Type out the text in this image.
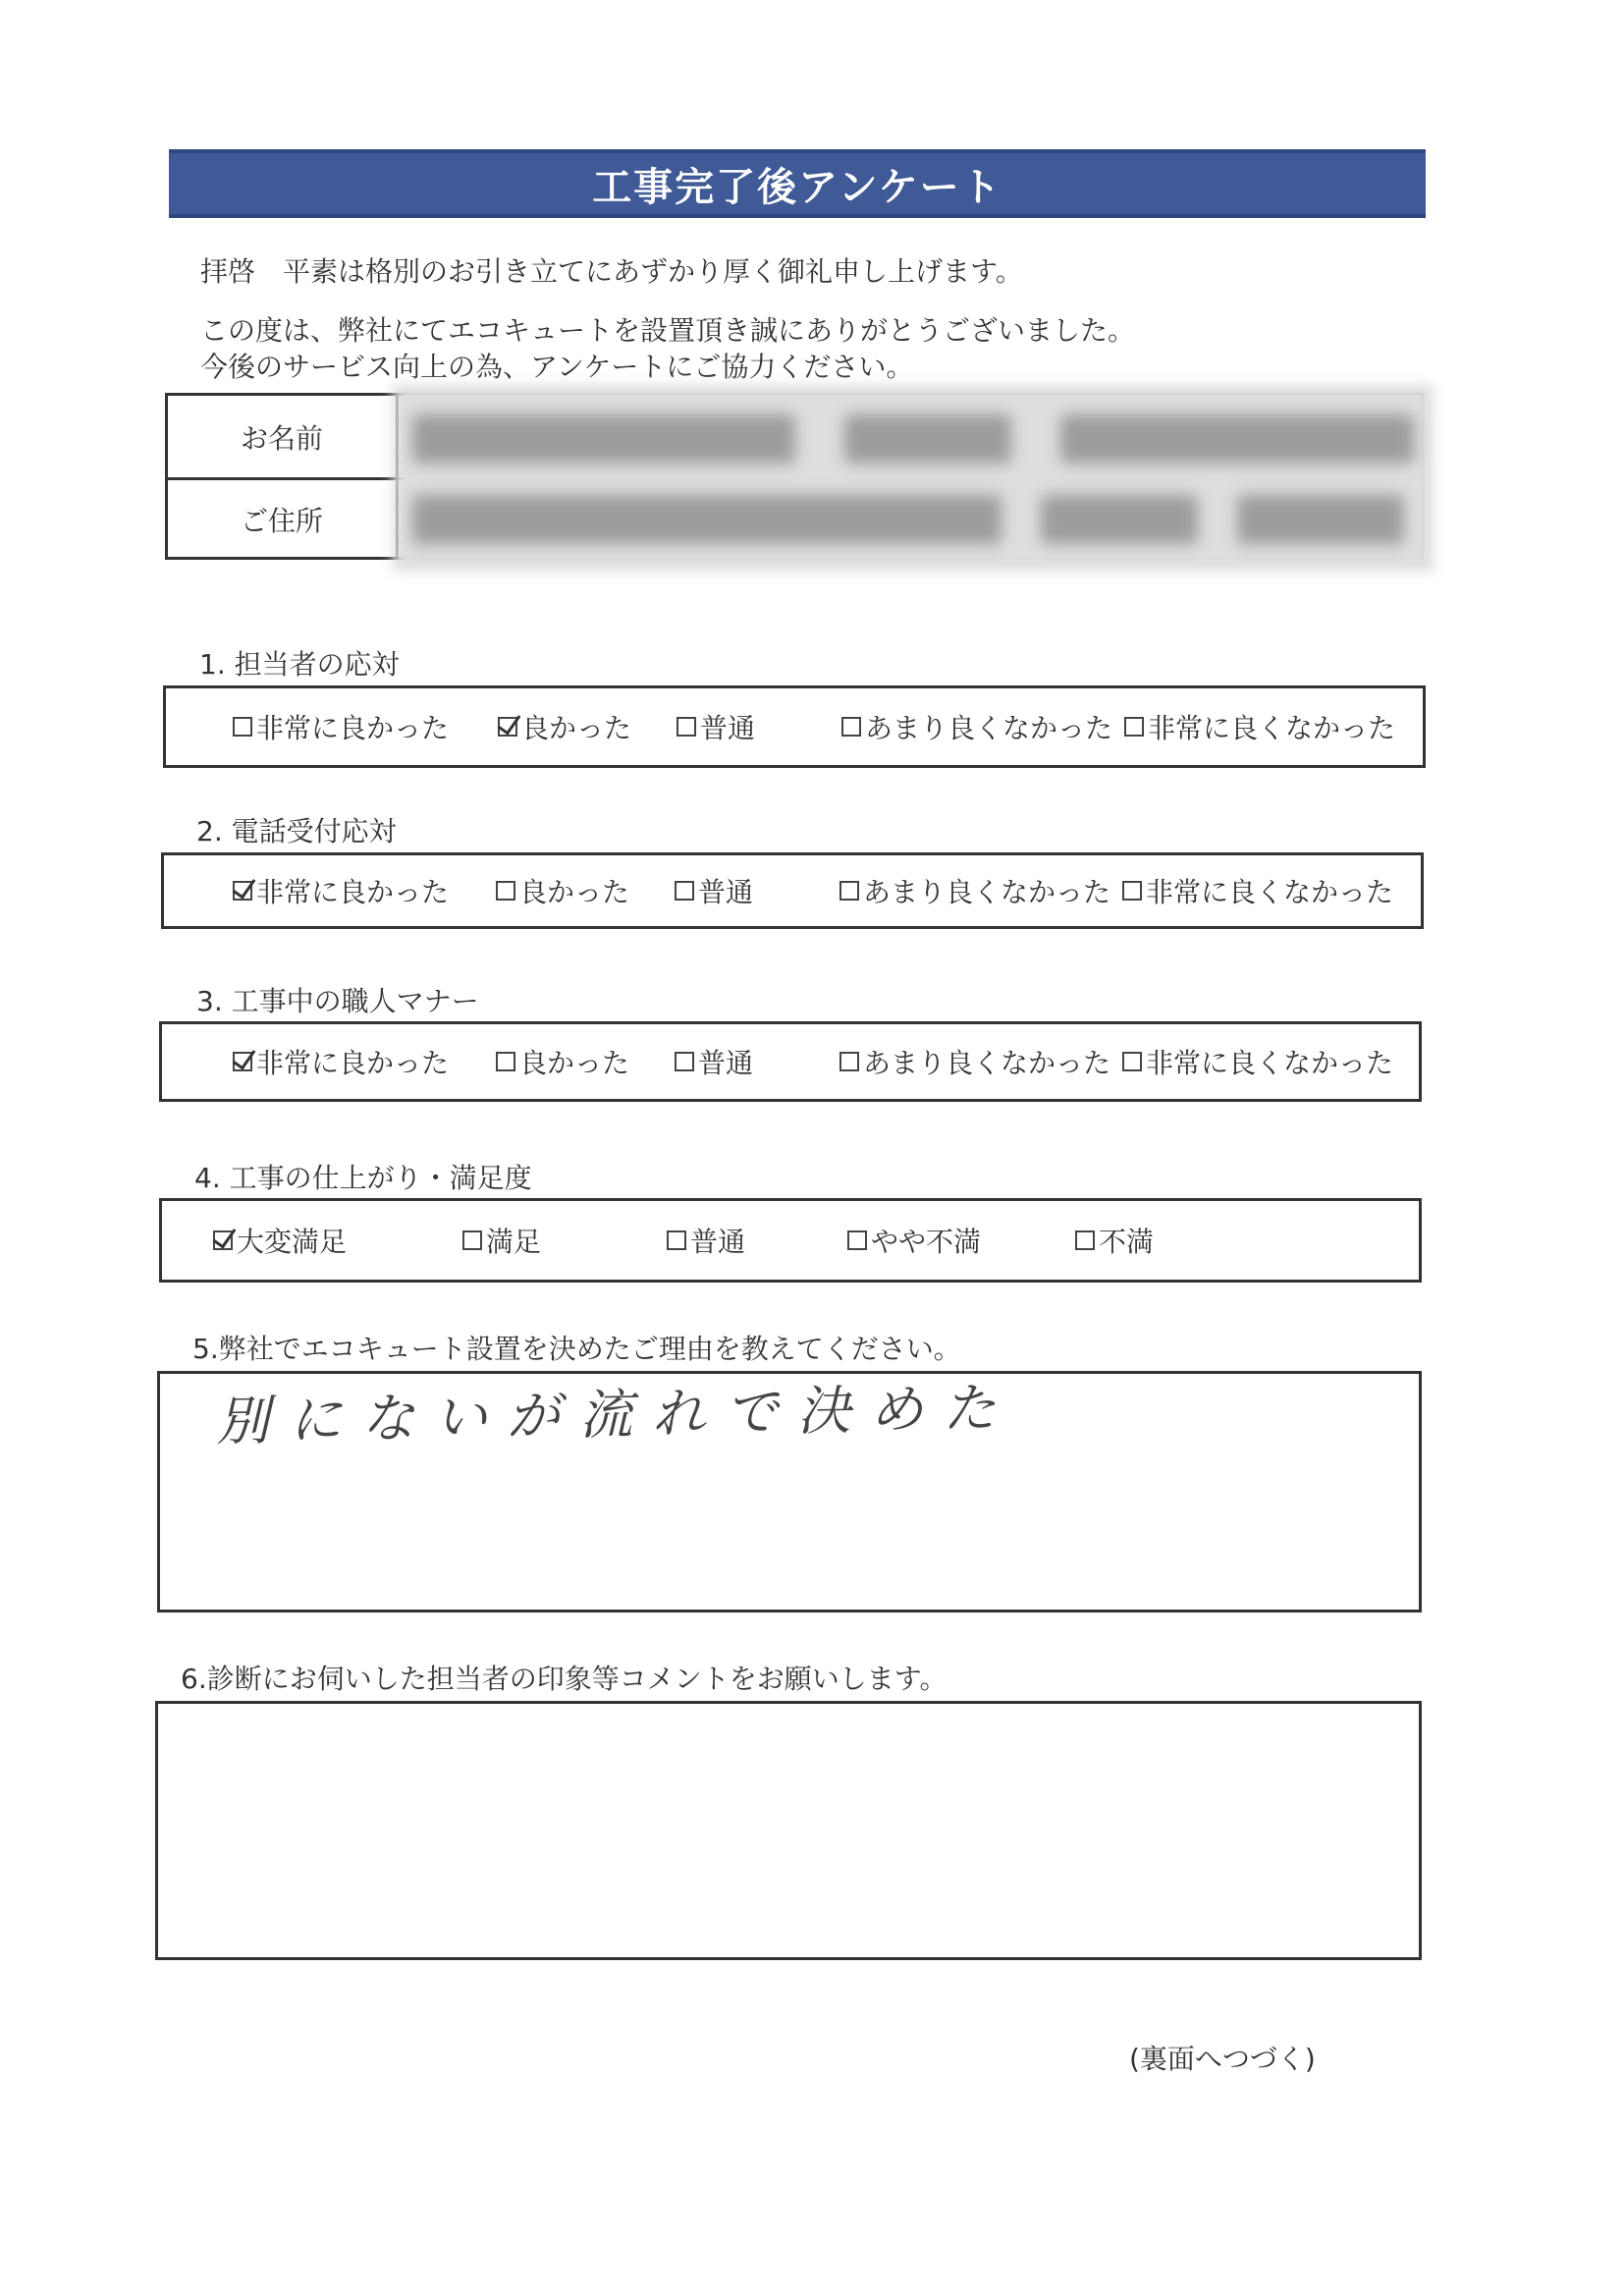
工事完了後アンケート
拝啓　平素は格別のお引き立てにあずかり厚く御礼申し上げます。
この度は、弊社にてエコキュートを設置頂き誠にありがとうございました。
今後のサービス向上の為、アンケートにご協力ください。
お名前
ご住所
1. 担当者の応対
非常に良かった	良かった 普通	あまり良くなかった 非常に良くなかった
2. 電話受付応対
非常に良かった	良かった 普通	あまり良くなかった 非常に良くなかった
3. 工事中の職人マナー
非常に良かった	良かった 普通	あまり良くなかった 非常に良くなかった
4. 工事の仕上がり・満足度
大変満足	満足	普通	やや不満	不満
5.弊社でエコキュート設置を決めたご理由を教えてください。
別にないが流れで決めた
6.診断にお伺いした担当者の印象等コメントをお願いします。
(裏面へつづく)
